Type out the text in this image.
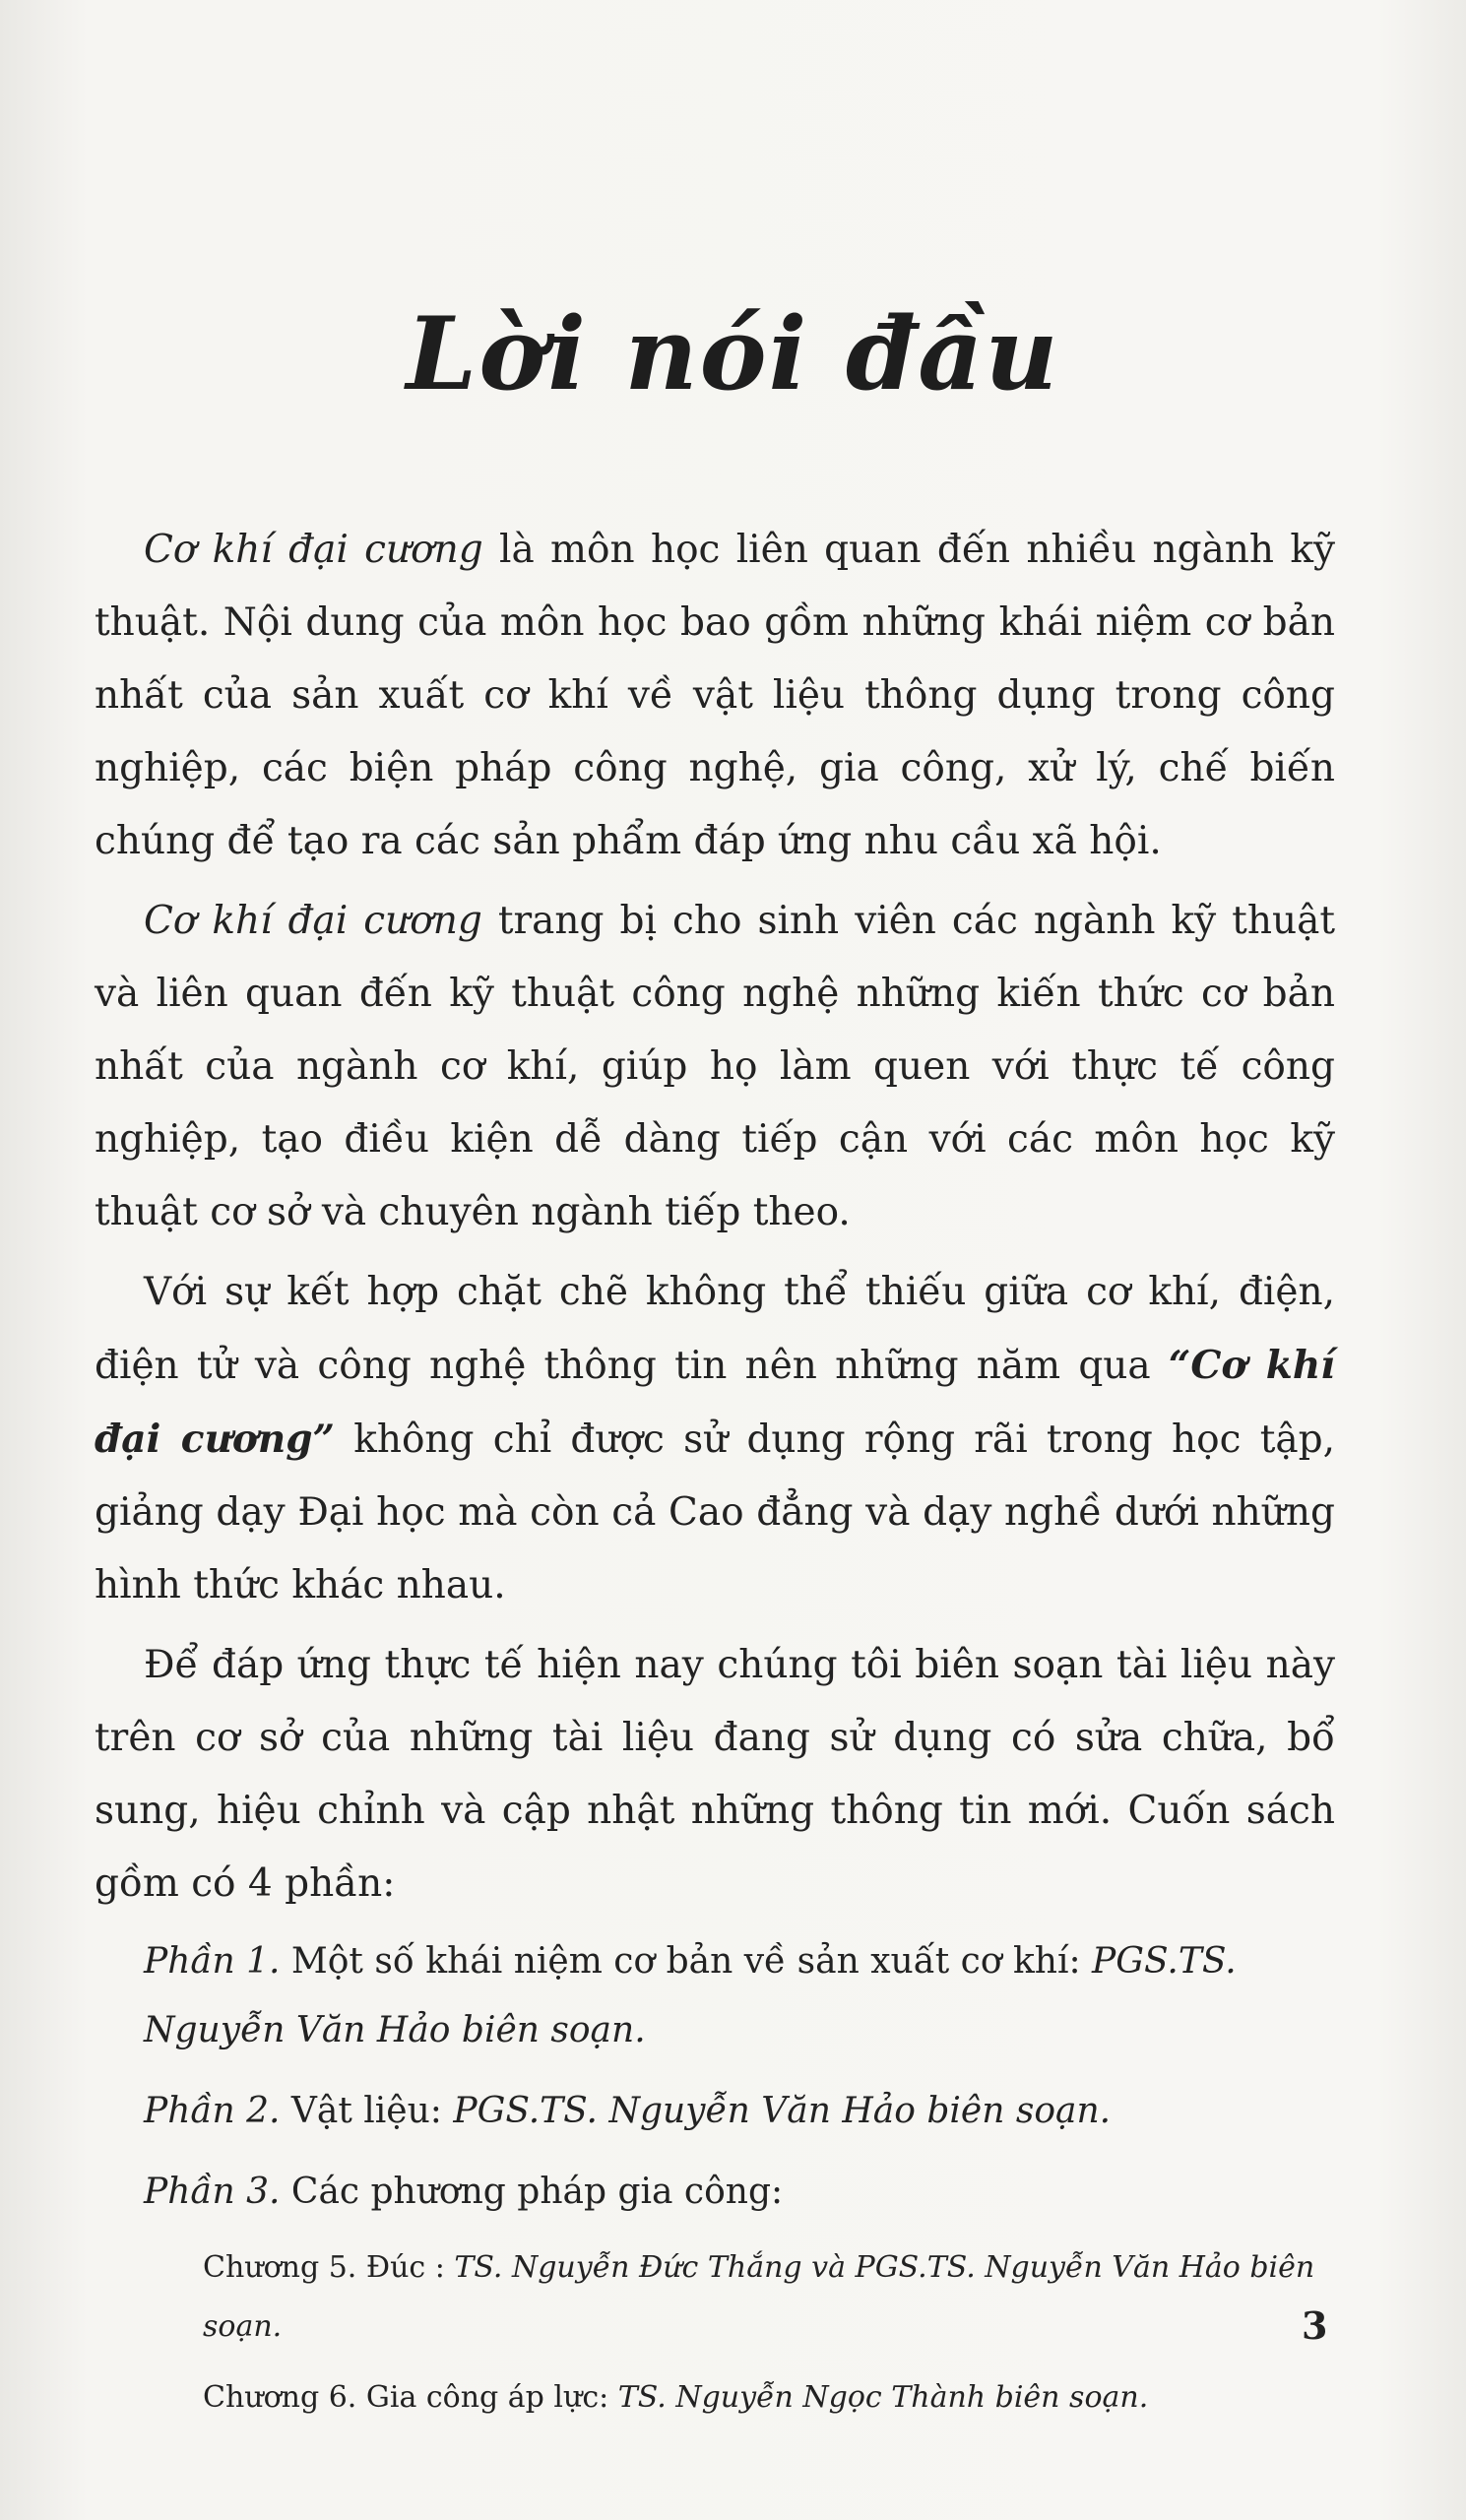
Lời nói đầu

Cơ khí đại cương là môn học liên quan đến nhiều ngành kỹ thuật. Nội dung của môn học bao gồm những khái niệm cơ bản nhất của sản xuất cơ khí về vật liệu thông dụng trong công nghiệp, các biện pháp công nghệ, gia công, xử lý, chế biến chúng để tạo ra các sản phẩm đáp ứng nhu cầu xã hội.

Cơ khí đại cương trang bị cho sinh viên các ngành kỹ thuật và liên quan đến kỹ thuật công nghệ những kiến thức cơ bản nhất của ngành cơ khí, giúp họ làm quen với thực tế công nghiệp, tạo điều kiện dễ dàng tiếp cận với các môn học kỹ thuật cơ sở và chuyên ngành tiếp theo.

Với sự kết hợp chặt chẽ không thể thiếu giữa cơ khí, điện, điện tử và công nghệ thông tin nên những năm qua “Cơ khí đại cương” không chỉ được sử dụng rộng rãi trong học tập, giảng dạy Đại học mà còn cả Cao đẳng và dạy nghề dưới những hình thức khác nhau.

Để đáp ứng thực tế hiện nay chúng tôi biên soạn tài liệu này trên cơ sở của những tài liệu đang sử dụng có sửa chữa, bổ sung, hiệu chỉnh và cập nhật những thông tin mới. Cuốn sách gồm có 4 phần:

Phần 1. Một số khái niệm cơ bản về sản xuất cơ khí: PGS.TS. Nguyễn Văn Hảo biên soạn.

Phần 2. Vật liệu: PGS.TS. Nguyễn Văn Hảo biên soạn.

Phần 3. Các phương pháp gia công:

Chương 5. Đúc : TS. Nguyễn Đức Thắng và PGS.TS. Nguyễn Văn Hảo biên soạn.

Chương 6. Gia công áp lực: TS. Nguyễn Ngọc Thành biên soạn.

3
